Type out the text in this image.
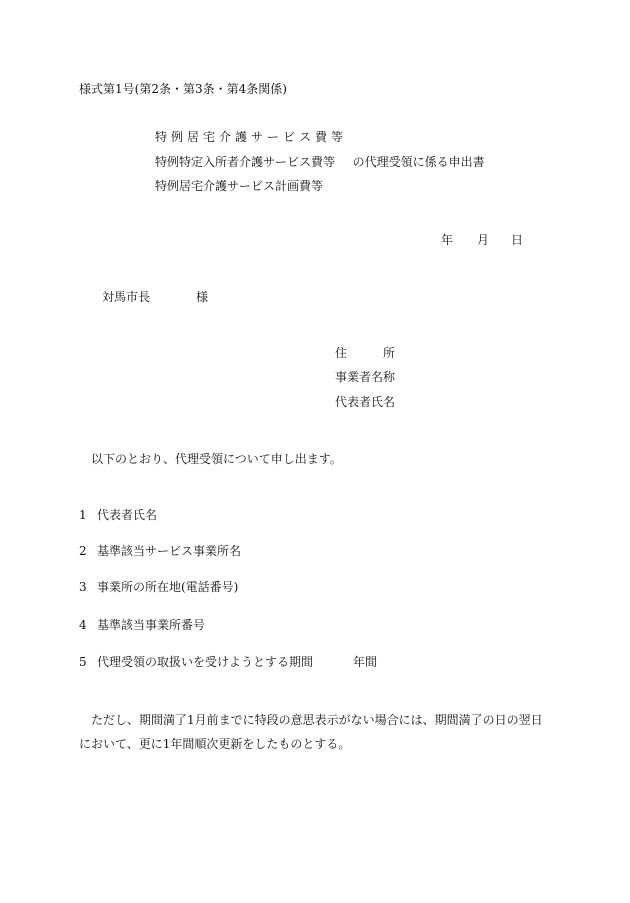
様式第1号(第2条・第3条・第4条関係)
特例居宅介護サービス費等
特例特定入所者介護サービス費等 の代理受領に係る申出書
特例居宅介護サービス計画費等
年 月 日
対馬市長	様
住	所
事業者名称
代表者氏名
以下のとおり、代理受領について申し出ます。
1 代表者氏名
2 基準該当サービス事業所名
3 事業所の所在地(電話番号)
4 基準該当事業所番号
5 代理受領の取扱いを受けようとする期間	年間
ただし、期間満了1月前までに特段の意思表示がない場合には、期間満了の日の翌日において、更に1年間順次更新をしたものとする。
